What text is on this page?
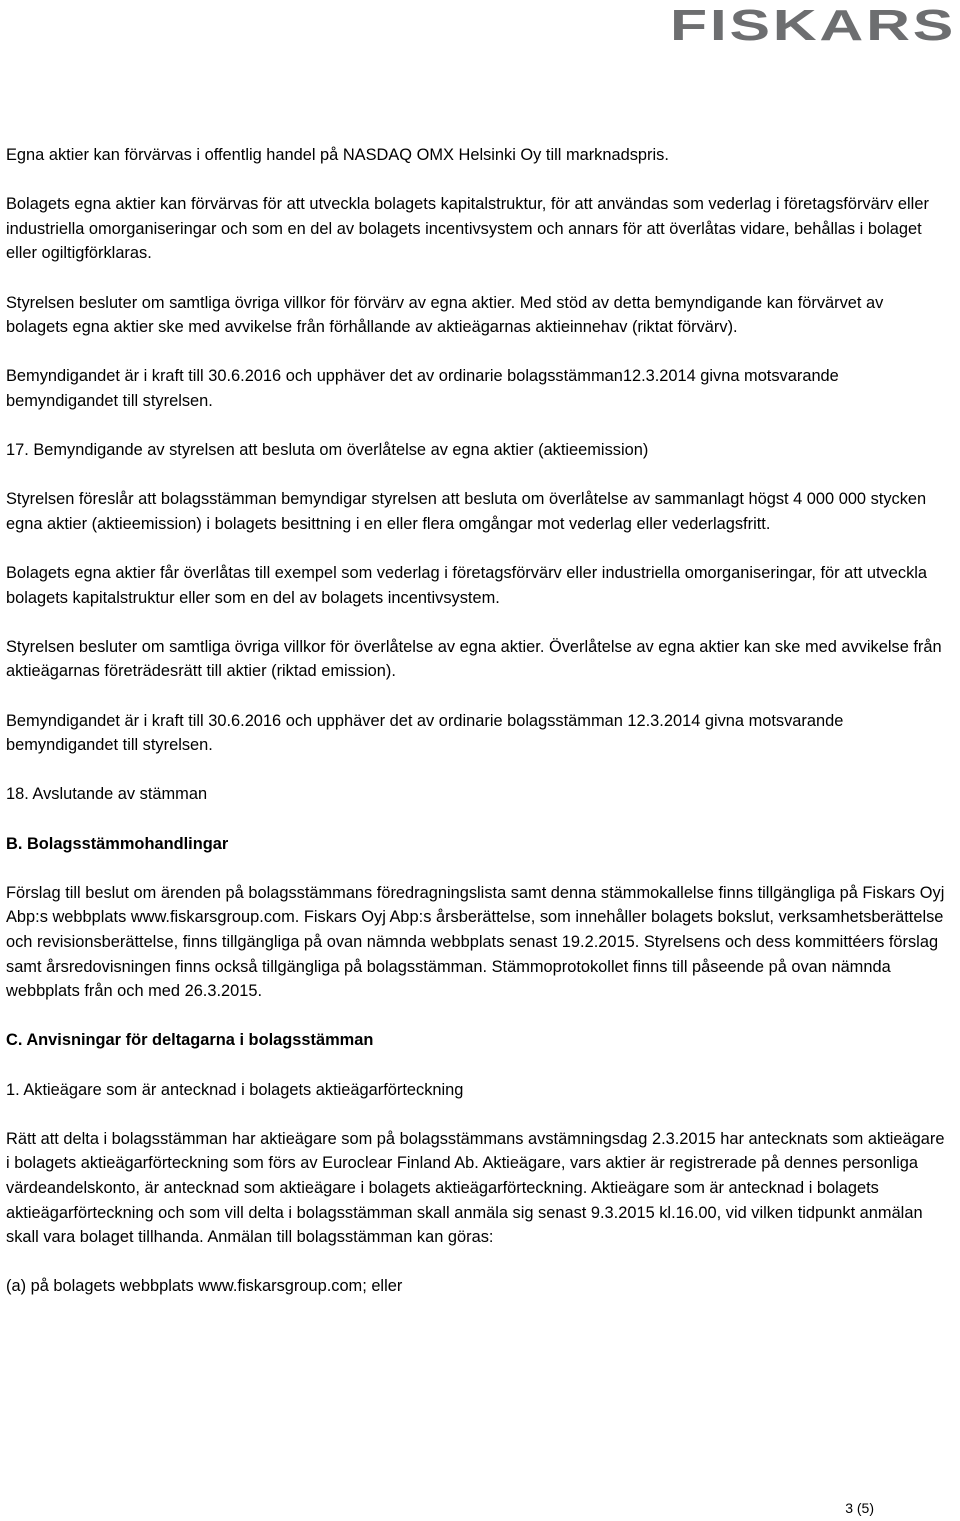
FISKARS

Egna aktier kan förvärvas i offentlig handel på NASDAQ OMX Helsinki Oy till marknadspris.

Bolagets egna aktier kan förvärvas för att utveckla bolagets kapitalstruktur, för att användas som vederlag i företagsförvärv eller industriella omorganiseringar och som en del av bolagets incentivsystem och annars för att överlåtas vidare, behållas i bolaget eller ogiltigförklaras.

Styrelsen besluter om samtliga övriga villkor för förvärv av egna aktier. Med stöd av detta bemyndigande kan förvärvet av bolagets egna aktier ske med avvikelse från förhållande av aktieägarnas aktieinnehav (riktat förvärv).

Bemyndigandet är i kraft till 30.6.2016 och upphäver det av ordinarie bolagsstämman12.3.2014 givna motsvarande bemyndigandet till styrelsen.

17. Bemyndigande av styrelsen att besluta om överlåtelse av egna aktier (aktieemission)

Styrelsen föreslår att bolagsstämman bemyndigar styrelsen att besluta om överlåtelse av sammanlagt högst 4 000 000 stycken egna aktier (aktieemission) i bolagets besittning i en eller flera omgångar mot vederlag eller vederlagsfritt.

Bolagets egna aktier får överlåtas till exempel som vederlag i företagsförvärv eller industriella omorganiseringar, för att utveckla bolagets kapitalstruktur eller som en del av bolagets incentivsystem.

Styrelsen besluter om samtliga övriga villkor för överlåtelse av egna aktier. Överlåtelse av egna aktier kan ske med avvikelse från aktieägarnas företrädesrätt till aktier (riktad emission).

Bemyndigandet är i kraft till 30.6.2016 och upphäver det av ordinarie bolagsstämman 12.3.2014 givna motsvarande bemyndigandet till styrelsen.

18. Avslutande av stämman

B. Bolagsstämmohandlingar

Förslag till beslut om ärenden på bolagsstämmans föredragningslista samt denna stämmokallelse finns tillgängliga på Fiskars Oyj Abp:s webbplats www.fiskarsgroup.com. Fiskars Oyj Abp:s årsberättelse, som innehåller bolagets bokslut, verksamhetsberättelse och revisionsberättelse, finns tillgängliga på ovan nämnda webbplats senast 19.2.2015. Styrelsens och dess kommittéers förslag samt årsredovisningen finns också tillgängliga på bolagsstämman. Stämmoprotokollet finns till påseende på ovan nämnda webbplats från och med 26.3.2015.

C. Anvisningar för deltagarna i bolagsstämman

1. Aktieägare som är antecknad i bolagets aktieägarförteckning

Rätt att delta i bolagsstämman har aktieägare som på bolagsstämmans avstämningsdag 2.3.2015 har antecknats som aktieägare i bolagets aktieägarförteckning som förs av Euroclear Finland Ab. Aktieägare, vars aktier är registrerade på dennes personliga värdeandelskonto, är antecknad som aktieägare i bolagets aktieägarförteckning. Aktieägare som är antecknad i bolagets aktieägarförteckning och som vill delta i bolagsstämman skall anmäla sig senast 9.3.2015 kl.16.00, vid vilken tidpunkt anmälan skall vara bolaget tillhanda. Anmälan till bolagsstämman kan göras:

(a) på bolagets webbplats www.fiskarsgroup.com; eller

3 (5)
